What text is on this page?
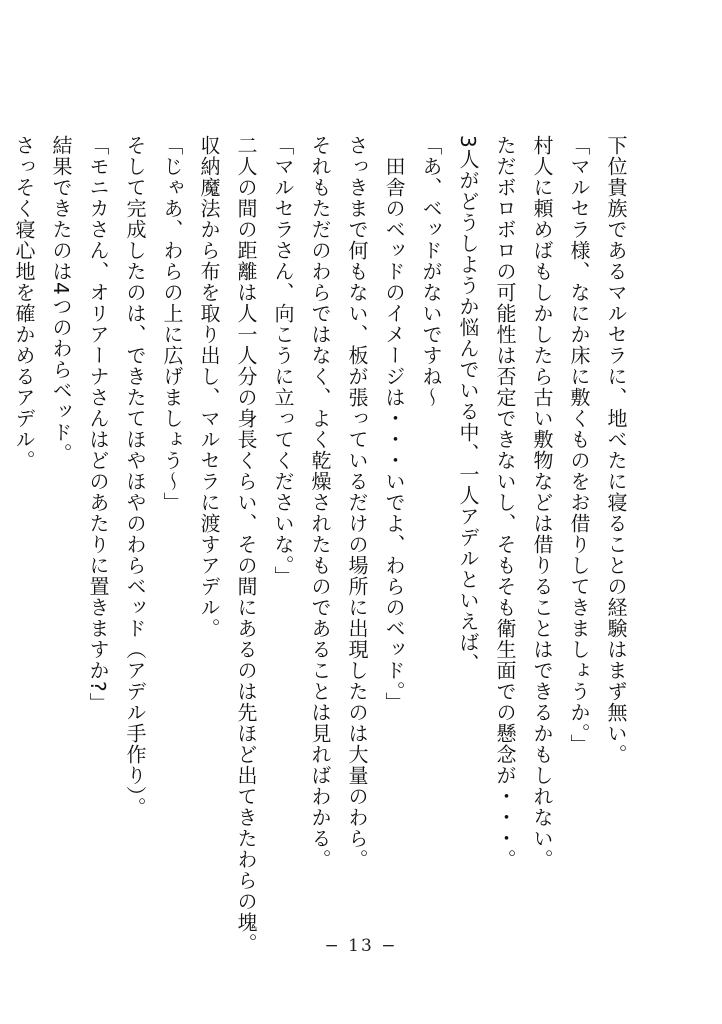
下位貴族であるマルセラに、地べたに寝ることの経験はまず無い。

「マルセラ様、なにか床に敷くものをお借りしてきましょうか。」

村人に頼めばもしかしたら古い敷物などは借りることはできるかもしれない。

ただボロボロの可能性は否定できないし、そもそも衛生面での懸念が・・・。

3人がどうしようか悩んでいる中、一人アデルといえば、

「あ、ベッドがないですね〜

　田舎のベッドのイメージは・・・いでよ、わらのベッド。」

さっきまで何もない、板が張っているだけの場所に出現したのは大量のわら。

それもただのわらではなく、よく乾燥されたものであることは見ればわかる。

「マルセラさん、向こうに立ってくださいな。」

二人の間の距離は人一人分の身長くらい、その間にあるのは先ほど出てきたわらの塊。

収納魔法から布を取り出し、マルセラに渡すアデル。

「じゃあ、わらの上に広げましょう〜」

そして完成したのは、できたてほやほやのわらベッド（アデル手作り）。

「モニカさん、オリアーナさんはどのあたりに置きますか?」

結果できたのは4つのわらベッド。

さっそく寝心地を確かめるアデル。

− 13 −
